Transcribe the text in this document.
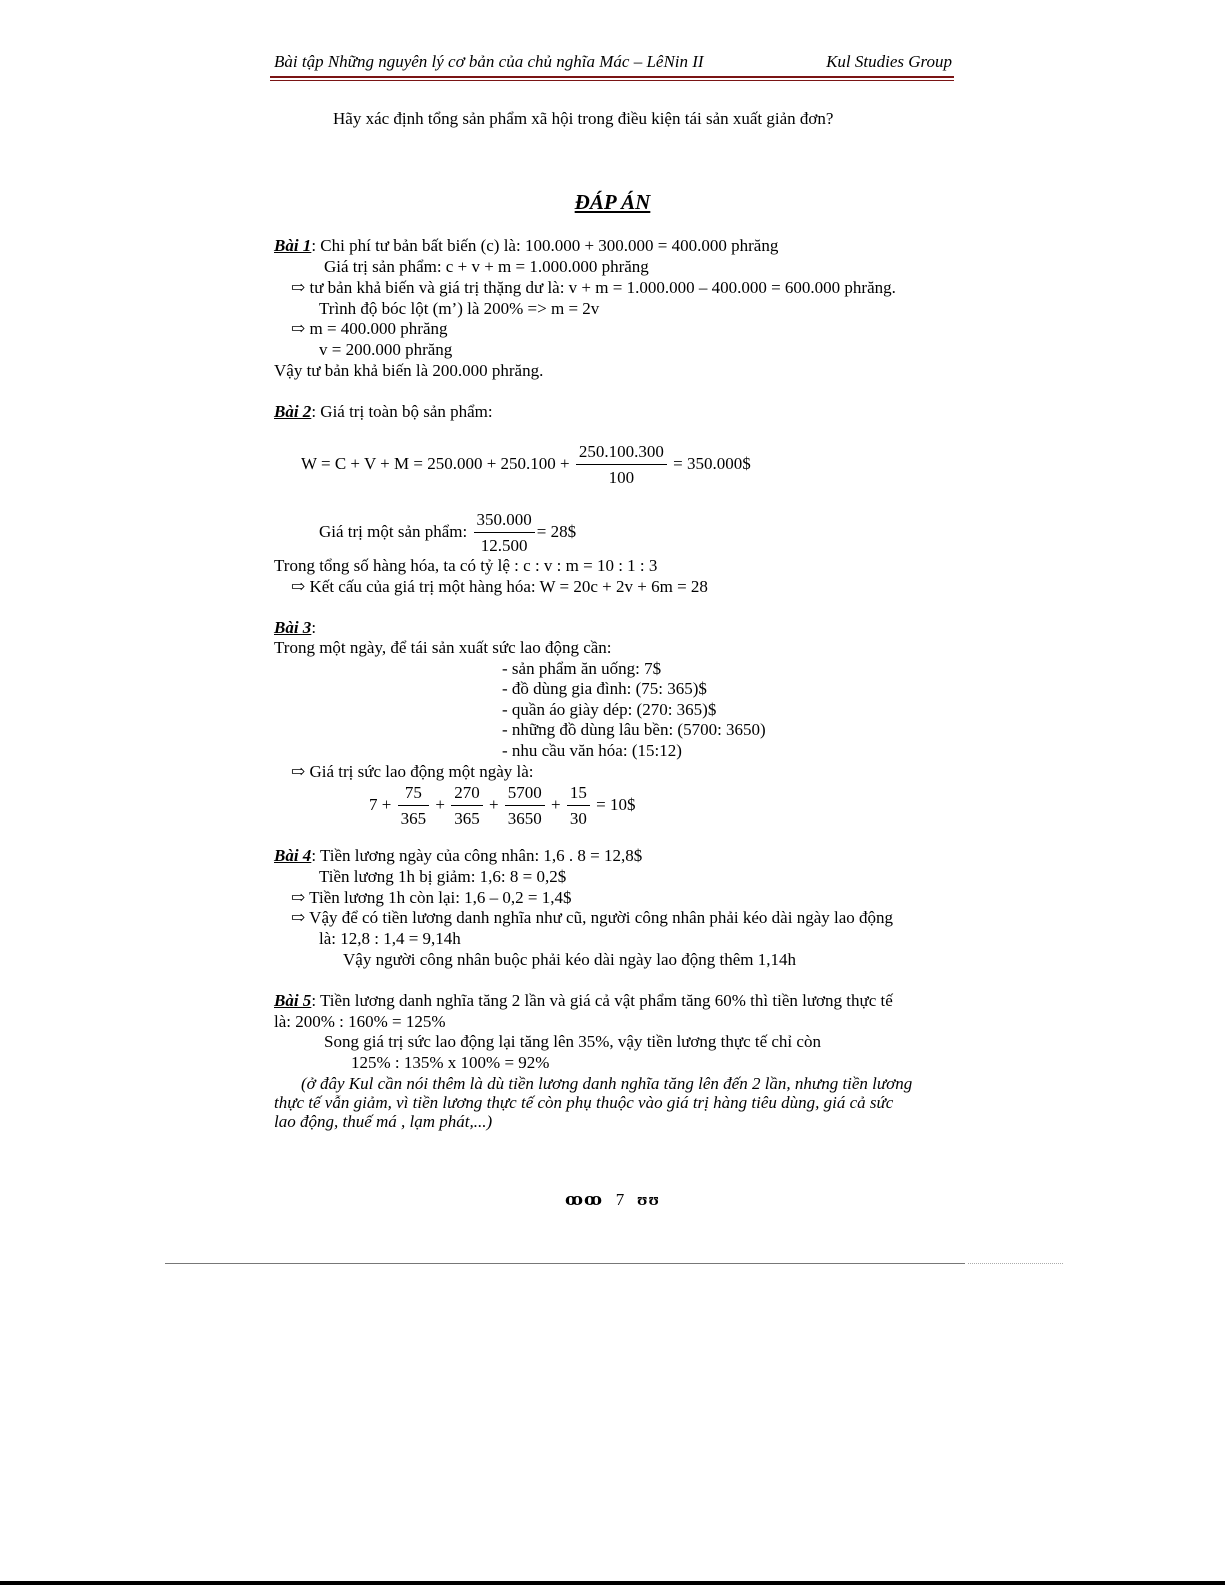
Bài tập Những nguyên lý cơ bản của chủ nghĩa Mác – LêNin II	Kul Studies Group
Hãy xác định tổng sản phẩm xã hội trong điều kiện tái sản xuất giản đơn?
ĐÁP ÁN
Bài 1: Chi phí tư bản bất biến (c) là: 100.000 + 300.000 = 400.000 phrăng
Giá trị sản phẩm: c + v + m = 1.000.000 phrăng
⇨ tư bản khả biến và giá trị thặng dư là: v + m = 1.000.000 – 400.000 = 600.000 phrăng.
Trình độ bóc lột (m’) là 200% => m = 2v
⇨ m = 400.000 phrăng
v = 200.000 phrăng
Vậy tư bản khả biến là 200.000 phrăng.
Bài 2: Giá trị toàn bộ sản phẩm:
$W = C + V + M = 250.000 + 250.100 + \frac{250.100.300}{100}$ = 350.000$
Giá trị một sản phẩm: $\frac{350.000}{12.500}$ = 28$
Trong tổng số hàng hóa, ta có tỷ lệ : c : v : m = 10 : 1 : 3
⇨ Kết cấu của giá trị một hàng hóa: W = 20c + 2v + 6m = 28
Bài 3:
Trong một ngày, để tái sản xuất sức lao động cần:
- sản phẩm ăn uống: 7$
- đồ dùng gia đình: (75: 365)$
- quần áo giày dép: (270: 365)$
- những đồ dùng lâu bền: (5700: 3650)
- nhu cầu văn hóa: (15:12)
⇨ Giá trị sức lao động một ngày là:
$7 + \frac{75}{365} + \frac{270}{365} + \frac{5700}{3650} + \frac{15}{30}$ = 10$
Bài 4: Tiền lương ngày của công nhân: 1,6 . 8 = 12,8$
Tiền lương 1h bị giảm: 1,6: 8 = 0,2$
⇨ Tiền lương 1h còn lại: 1,6 – 0,2 = 1,4$
⇨ Vậy để có tiền lương danh nghĩa như cũ, người công nhân phải kéo dài ngày lao động
là: 12,8 : 1,4 = 9,14h
Vậy người công nhân buộc phải kéo dài ngày lao động thêm 1,14h
Bài 5: Tiền lương danh nghĩa tăng 2 lần và giá cả vật phẩm tăng 60% thì tiền lương thực tế
là: 200% : 160% = 125%
Song giá trị sức lao động lại tăng lên 35%, vậy tiền lương thực tế chỉ còn
125% : 135% x 100% = 92%
(ở đây Kul cần nói thêm là dù tiền lương danh nghĩa tăng lên đến 2 lần, nhưng tiền lương
thực tế vẫn giảm, vì tiền lương thực tế còn phụ thuộc vào giá trị hàng tiêu dùng, giá cả sức
lao động, thuế má , lạm phát,...)
ꝏꝏ 7 ʊʊ
